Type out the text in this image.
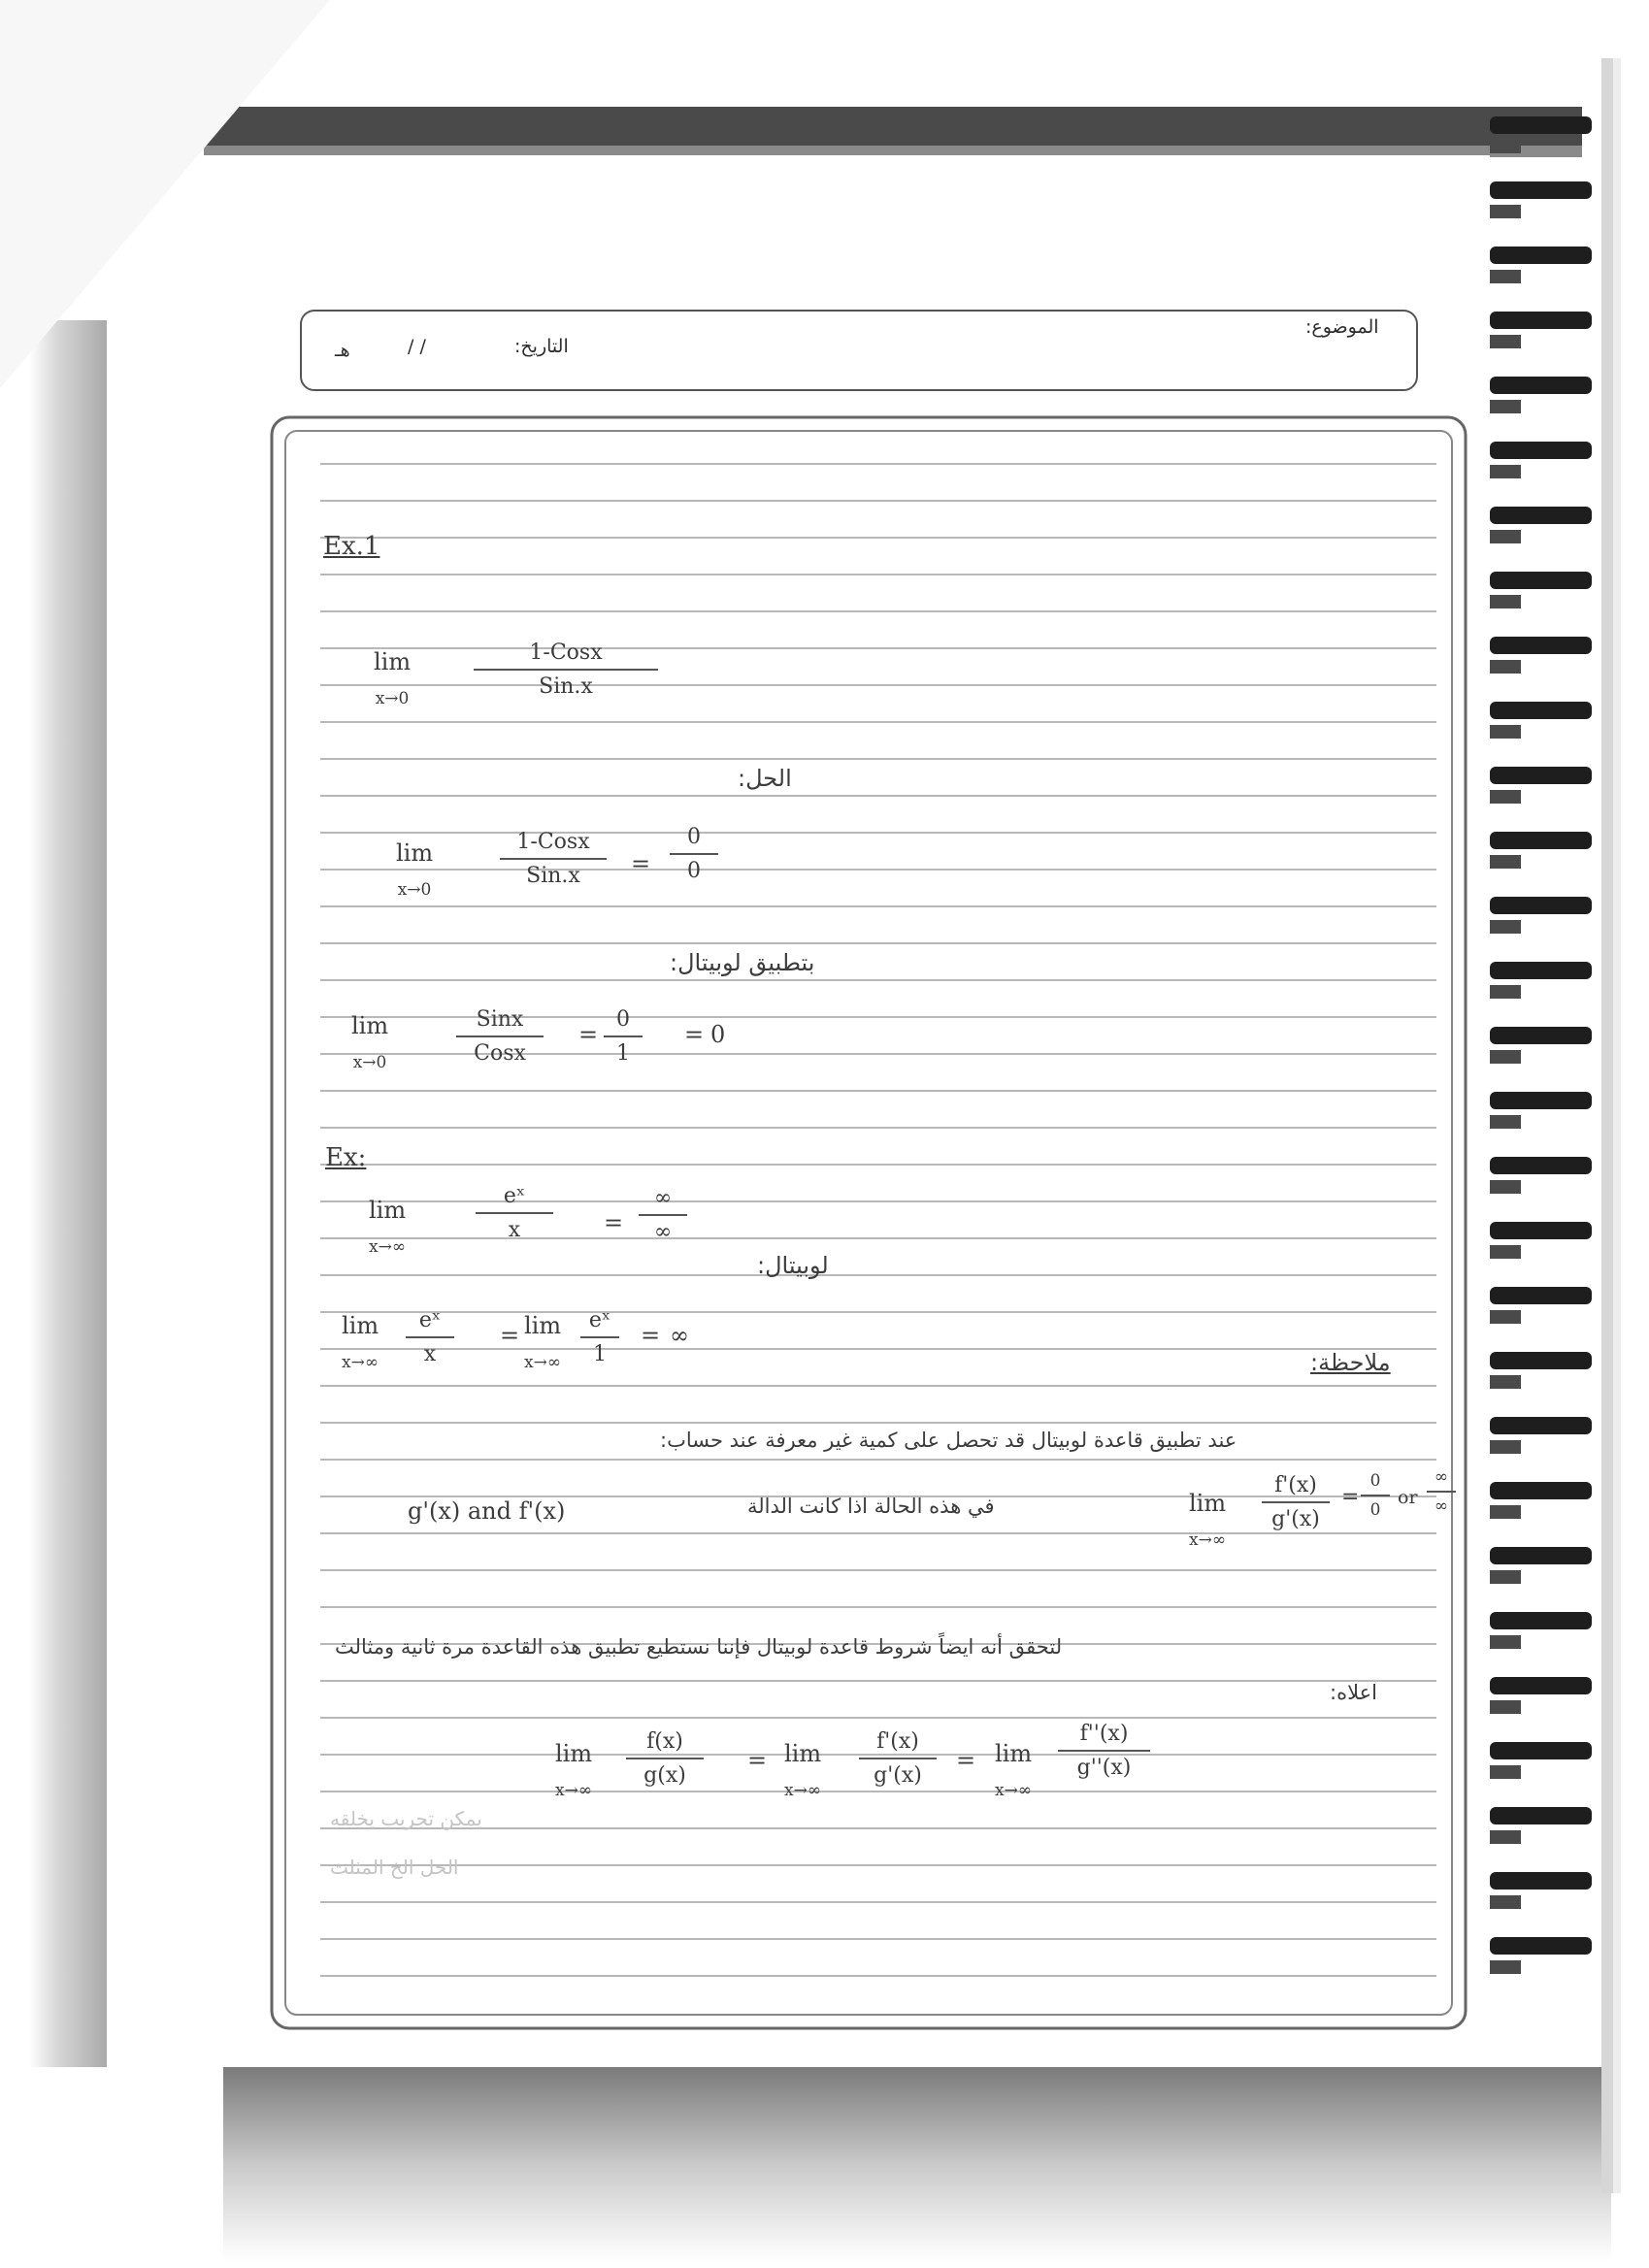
الموضوع:
التاريخ:
/ /
هـ
Ex.1
lim
x→0
1-Cosx
Sin.x
الحل:
lim
x→0
1-Cosx
Sin.x	= $\frac{0}{0}$
بتطبيق لوبيتال:
lim
x→0
Sinx
Cosx
= $\frac{0}{1} = 0$
Ex:
lim
x→∞
$\frac{\text{eˣ}}{x}$ =
∞
∞
لوبيتال:
lim
$x\to\infty \frac{\text{eˣ}}{x} = \lim$
$x\to\infty \frac{\text{eˣ}}{1}$ = ∞
ملاحظة:
عند تطبيق قاعدة لوبيتال قد تحصل على كمية غير معرفة عند حساب:
g'(x) and f'(x)	في هذه الحالة اذا كانت الدالة	lim
x→∞
$\frac{f'(x)}{g'(x)} = \frac{0}{0}$ or
∞
∞
لتحقق أنه ايضاً شروط قاعدة لوبيتال فإننا نستطيع تطبيق هذه القاعدة مرة ثانية ومثالث
اعلاه:
lim
x→∞
$\frac{f(x)}{g(x)} = \lim$
x→∞
$\frac{f'(x)}{g'(x)} = \lim$
x→∞
$\frac{f''(x)}{g''(x)}$
يمكن تجريب يخلقه
الحل الخ المثلث
